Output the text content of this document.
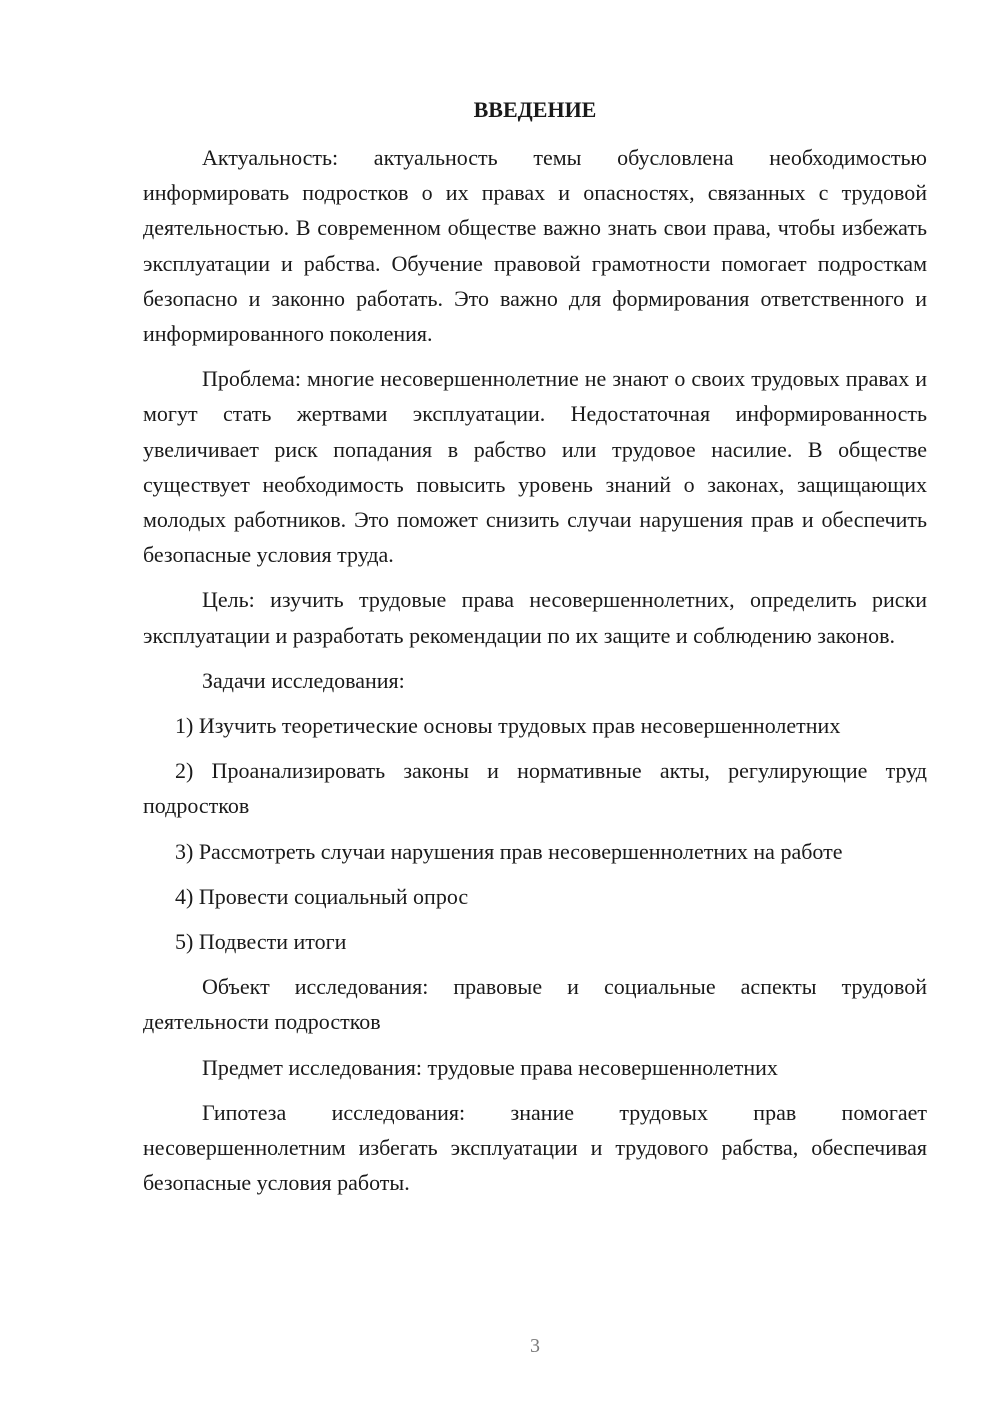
ВВЕДЕНИЕ

Актуальность: актуальность темы обусловлена необходимостью информировать подростков о их правах и опасностях, связанных с трудовой деятельностью. В современном обществе важно знать свои права, чтобы избежать эксплуатации и рабства. Обучение правовой грамотности помогает подросткам безопасно и законно работать. Это важно для формирования ответственного и информированного поколения.

Проблема: многие несовершеннолетние не знают о своих трудовых правах и могут стать жертвами эксплуатации. Недостаточная информированность увеличивает риск попадания в рабство или трудовое насилие. В обществе существует необходимость повысить уровень знаний о законах, защищающих молодых работников. Это поможет снизить случаи нарушения прав и обеспечить безопасные условия труда.

Цель: изучить трудовые права несовершеннолетних, определить риски эксплуатации и разработать рекомендации по их защите и соблюдению законов.

Задачи исследования:

1) Изучить теоретические основы трудовых прав несовершеннолетних

2) Проанализировать законы и нормативные акты, регулирующие труд подростков

3) Рассмотреть случаи нарушения прав несовершеннолетних на работе

4) Провести социальный опрос

5) Подвести итоги

Объект исследования: правовые и социальные аспекты трудовой деятельности подростков

Предмет исследования: трудовые права несовершеннолетних

Гипотеза исследования: знание трудовых прав помогает несовершеннолетним избегать эксплуатации и трудового рабства, обеспечивая безопасные условия работы.

3
